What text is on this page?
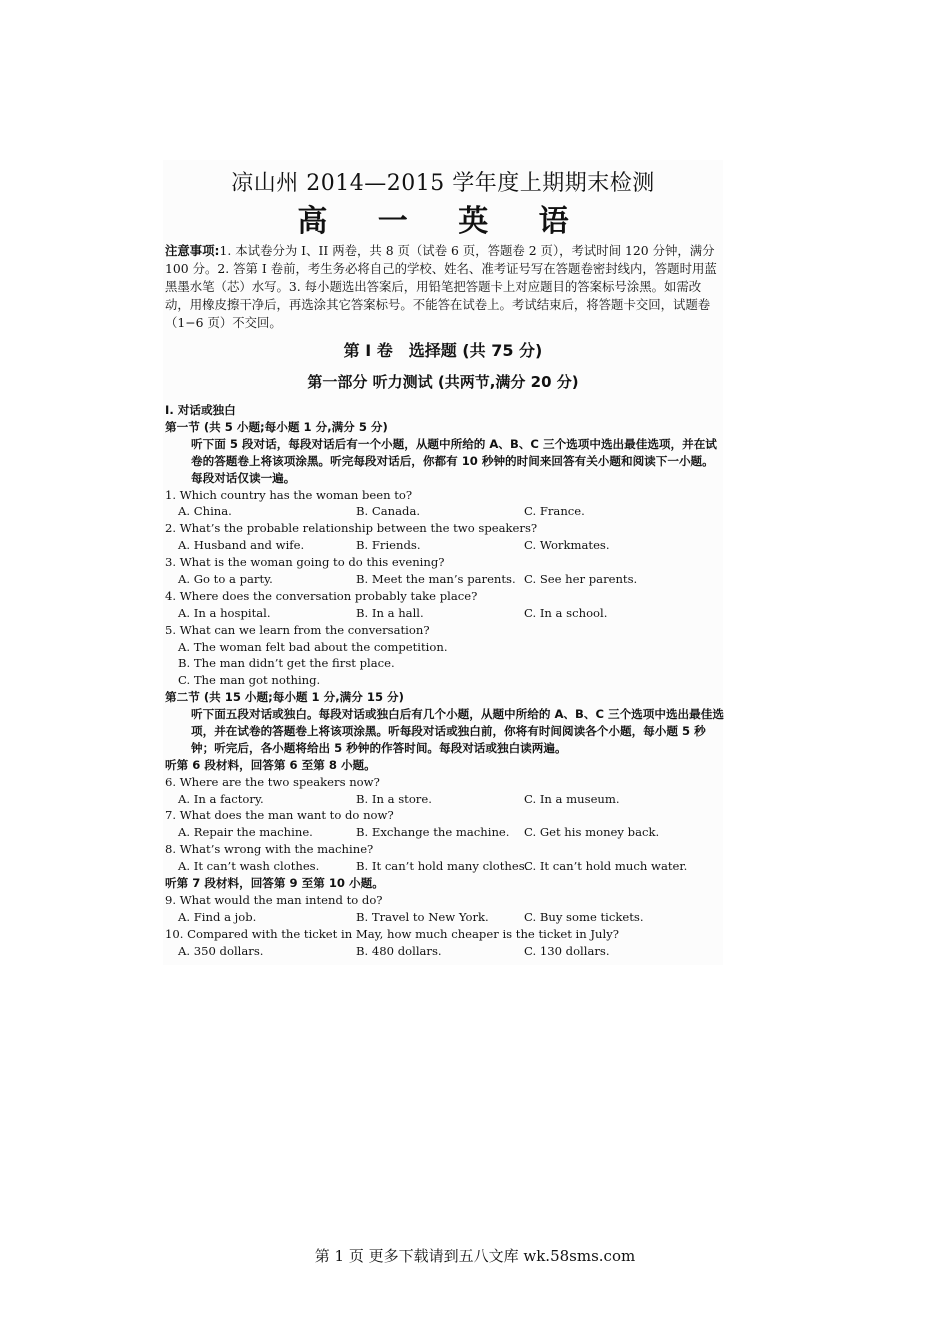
凉山州 2014—2015 学年度上期期末检测
高 一 英 语
注意事项:1. 本试卷分为 I、II 两卷，共 8 页（试卷 6 页，答题卷 2 页），考试时间 120 分钟，满分 100 分。2. 答第 I 卷前，考生务必将自己的学校、姓名、准考证号写在答题卷密封线内，答题时用蓝黑墨水笔（芯）水写。3. 每小题选出答案后，用铅笔把答题卡上对应题目的答案标号涂黑。如需改动，用橡皮擦干净后，再选涂其它答案标号。不能答在试卷上。考试结束后，将答题卡交回，试题卷（1−6 页）不交回。
第 I 卷　选择题 (共 75 分)
第一部分 听力测试 (共两节,满分 20 分)
I. 对话或独白
第一节 (共 5 小题;每小题 1 分,满分 5 分)
听下面 5 段对话，每段对话后有一个小题，从题中所给的 A、B、C 三个选项中选出最佳选项，并在试卷的答题卷上将该项涂黑。听完每段对话后，你都有 10 秒钟的时间来回答有关小题和阅读下一小题。每段对话仅读一遍。
1. Which country has the woman been to?
A. China.	B. Canada.	C. France.
2. What’s the probable relationship between the two speakers?
A. Husband and wife.	B. Friends.	C. Workmates.
3. What is the woman going to do this evening?
A. Go to a party.	B. Meet the man’s parents. C. See her parents.
4. Where does the conversation probably take place?
A. In a hospital.	B. In a hall.	C. In a school.
5. What can we learn from the conversation?
A. The woman felt bad about the competition.
B. The man didn’t get the first place.
C. The man got nothing.
第二节 (共 15 小题;每小题 1 分,满分 15 分)
听下面五段对话或独白。每段对话或独白后有几个小题，从题中所给的 A、B、C 三个选项中选出最佳选项，并在试卷的答题卷上将该项涂黑。听每段对话或独白前，你将有时间阅读各个小题，每小题 5 秒钟；听完后，各小题将给出 5 秒钟的作答时间。每段对话或独白读两遍。
听第 6 段材料，回答第 6 至第 8 小题。
6. Where are the two speakers now?
A. In a factory.	B. In a store.	C. In a museum.
7. What does the man want to do now?
A. Repair the machine.	B. Exchange the machine.	C. Get his money back.
8. What’s wrong with the machine?
A. It can’t wash clothes.	B. It can’t hold many clothes.
C. It can’t hold much water.
听第 7 段材料，回答第 9 至第 10 小题。
9. What would the man intend to do?
A. Find a job.	B. Travel to New York.	C. Buy some tickets.
10. Compared with the ticket in May, how much cheaper is the ticket in July?
A. 350 dollars.	B. 480 dollars.	C. 130 dollars.
第 1 页 更多下载请到五八文库 wk.58sms.com
